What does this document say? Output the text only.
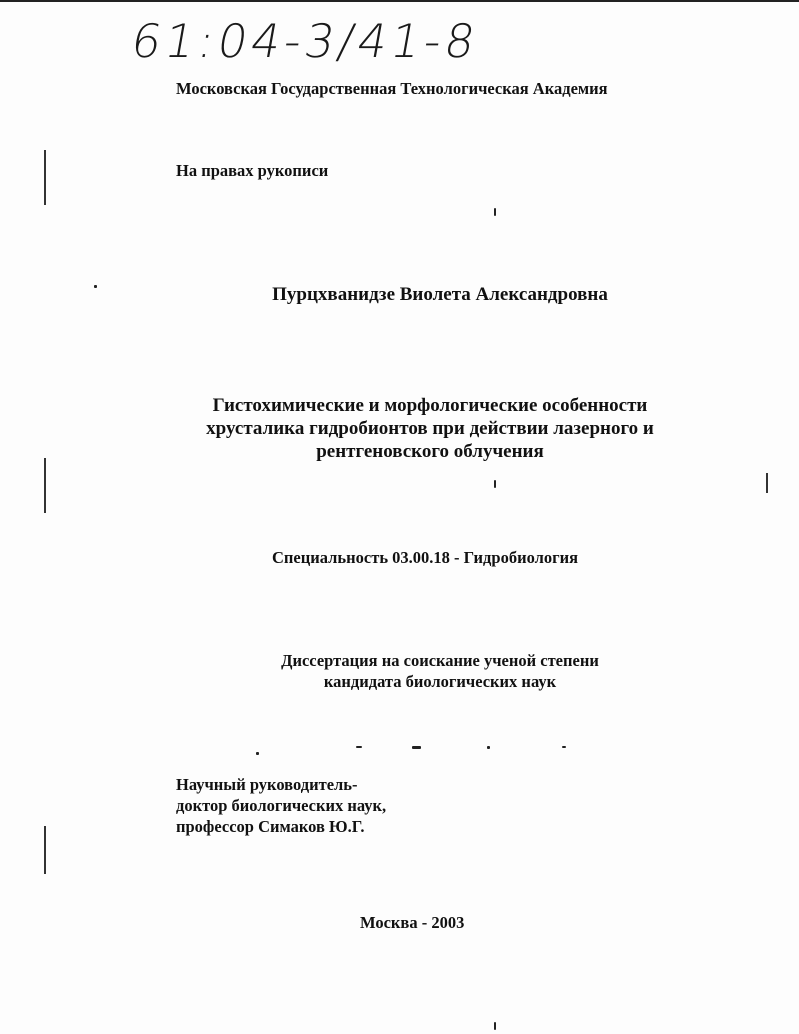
61:04-3/41-8
Московская Государственная Технологическая Академия
На правах рукописи
Пурцхванидзе Виолета Александровна
Гистохимические и морфологические особенности
хрусталика гидробионтов при действии лазерного и
рентгеновского облучения
Специальность 03.00.18 - Гидробиология
Диссертация на соискание ученой степени
кандидата биологических наук
Научный руководитель-
доктор биологических наук,
профессор Симаков Ю.Г.
Москва - 2003
